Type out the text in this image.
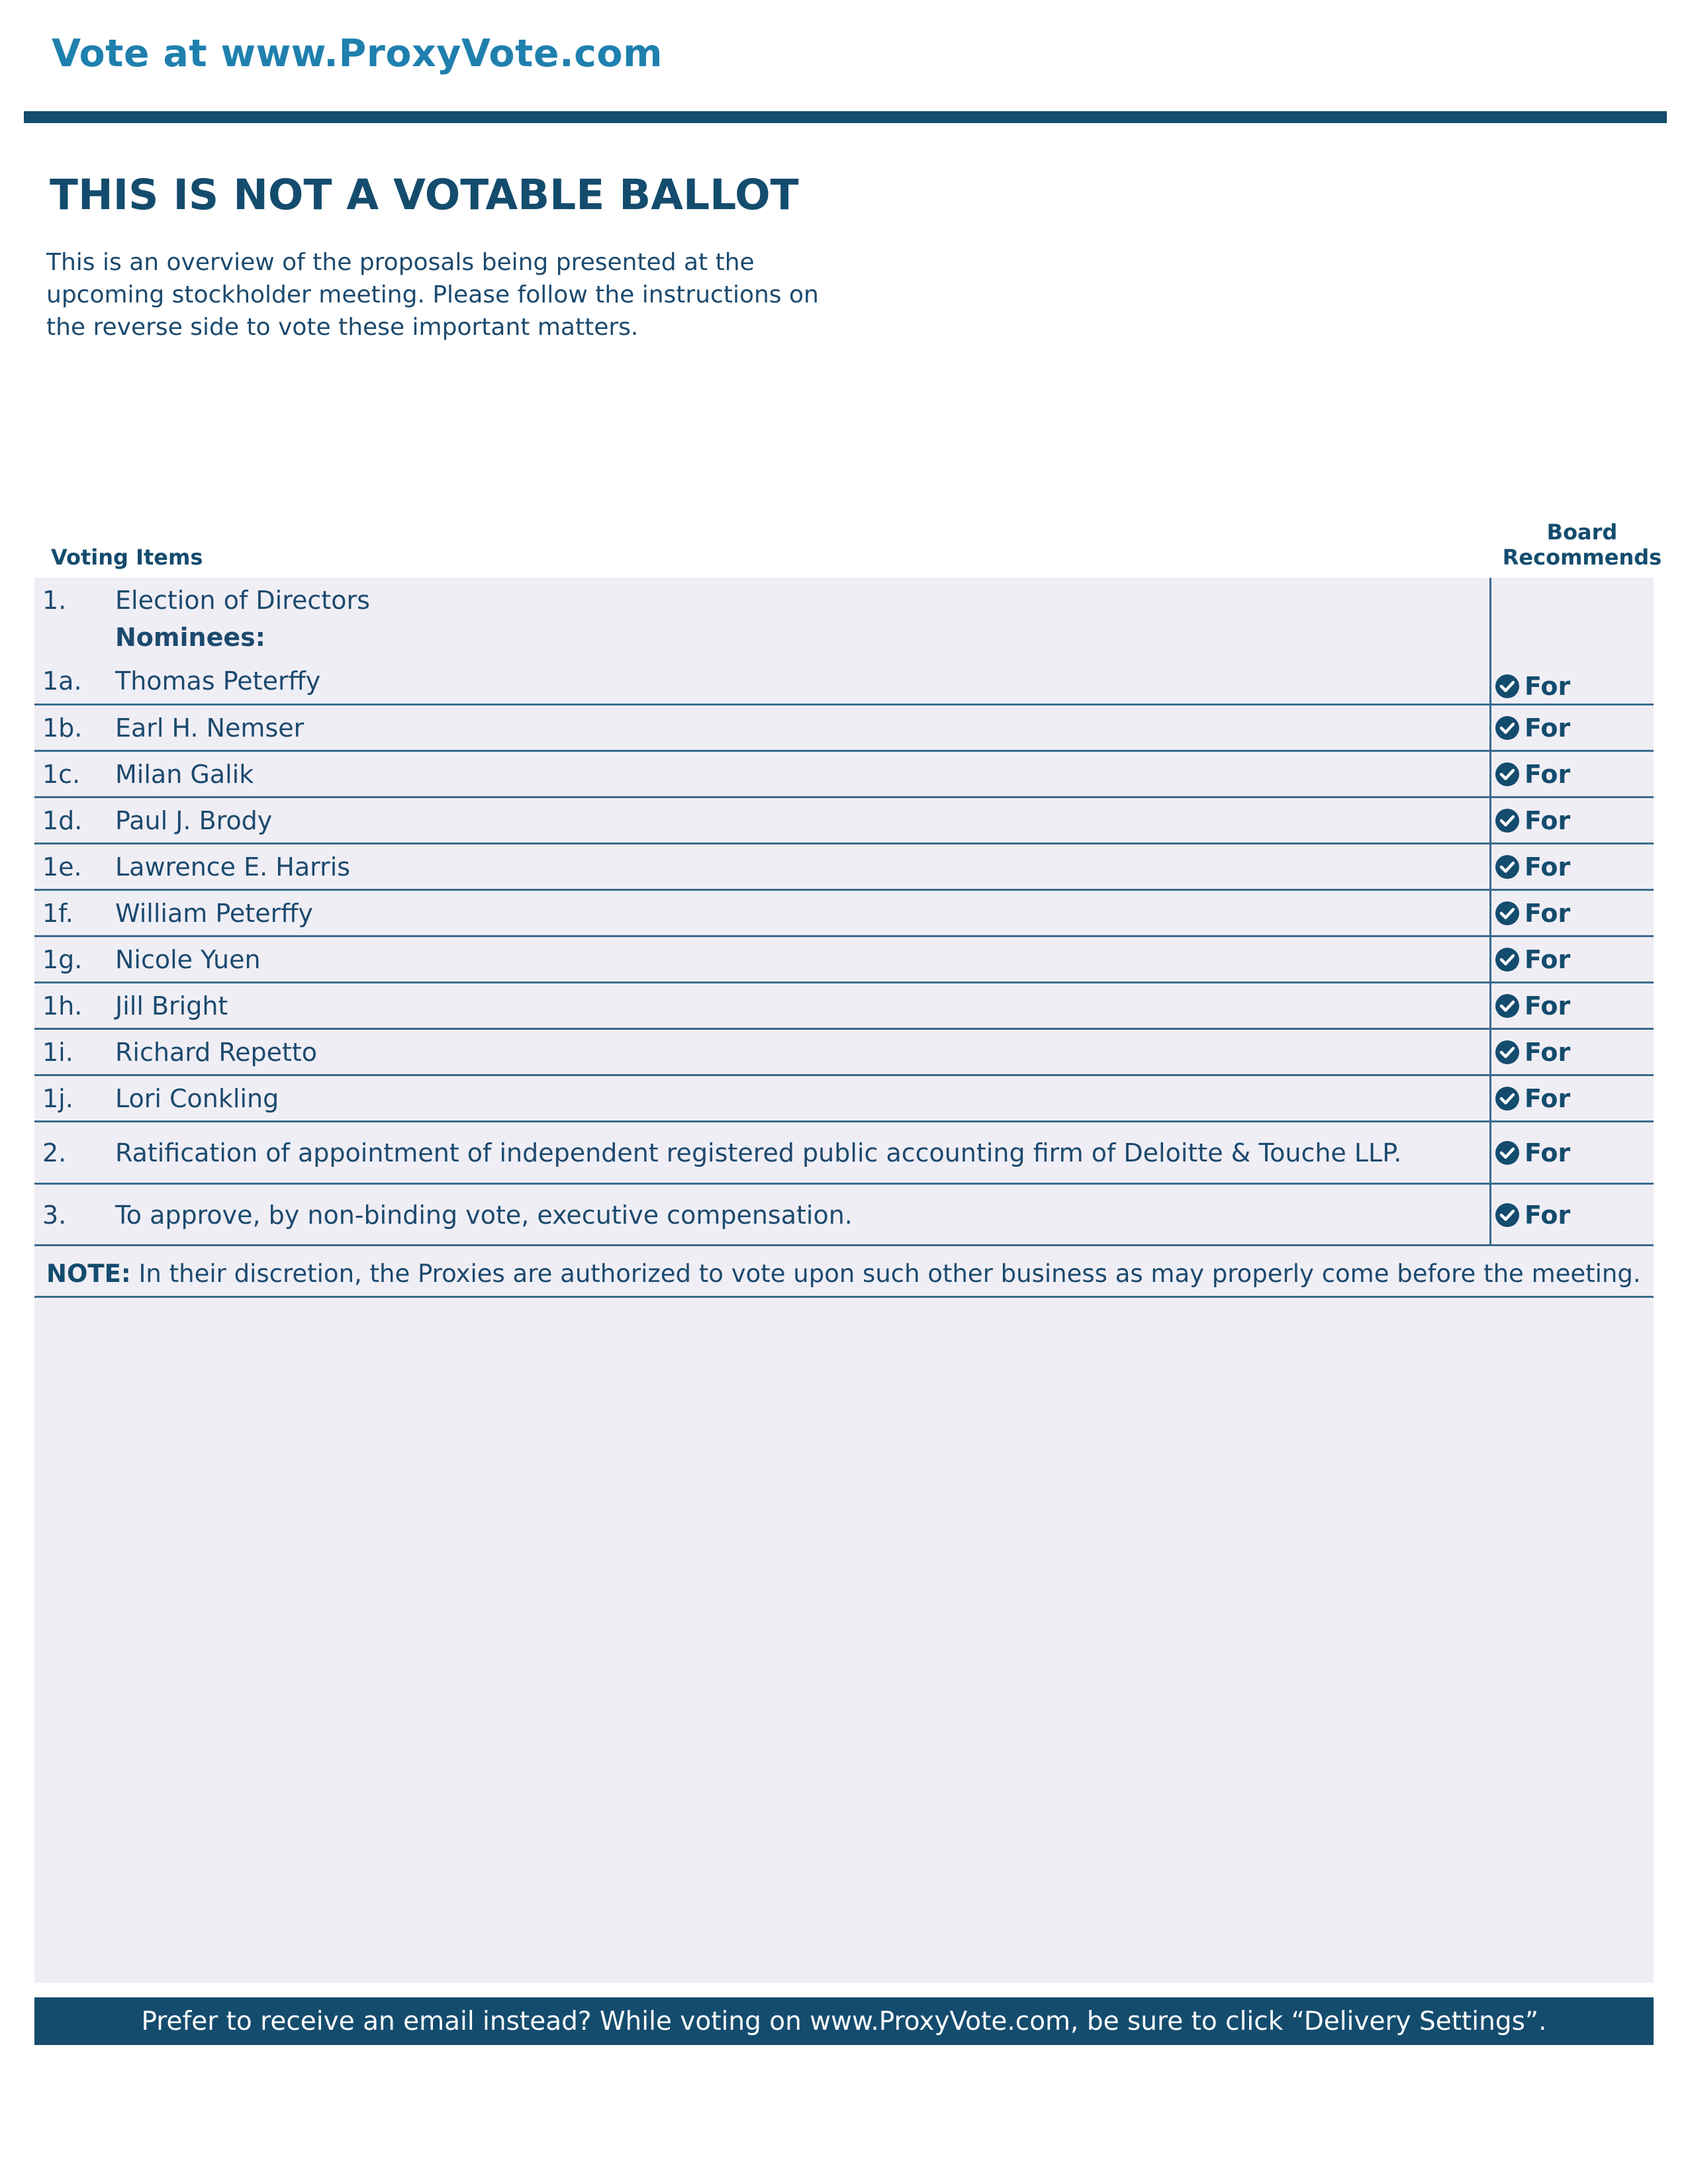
Vote at www.ProxyVote.com
THIS IS NOT A VOTABLE BALLOT
This is an overview of the proposals being presented at the
upcoming stockholder meeting. Please follow the instructions on
the reverse side to vote these important matters.
Voting Items
Board
Recommends
1. Election of Directors
Nominees:
1a. Thomas Peterffy	For
1b. Earl H. Nemser	For
1c. Milan Galik	For
1d. Paul J. Brody	For
1e. Lawrence E. Harris	For
1f. William Peterffy	For
1g. Nicole Yuen	For
1h. Jill Bright	For
1i. Richard Repetto	For
1j. Lori Conkling	For
2. Ratification of appointment of independent registered public accounting firm of Deloitte & Touche LLP.	For
3. To approve, by non-binding vote, executive compensation.	For
NOTE: In their discretion, the Proxies are authorized to vote upon such other business as may properly come before the meeting.
Prefer to receive an email instead? While voting on www.ProxyVote.com, be sure to click “Delivery Settings”.
